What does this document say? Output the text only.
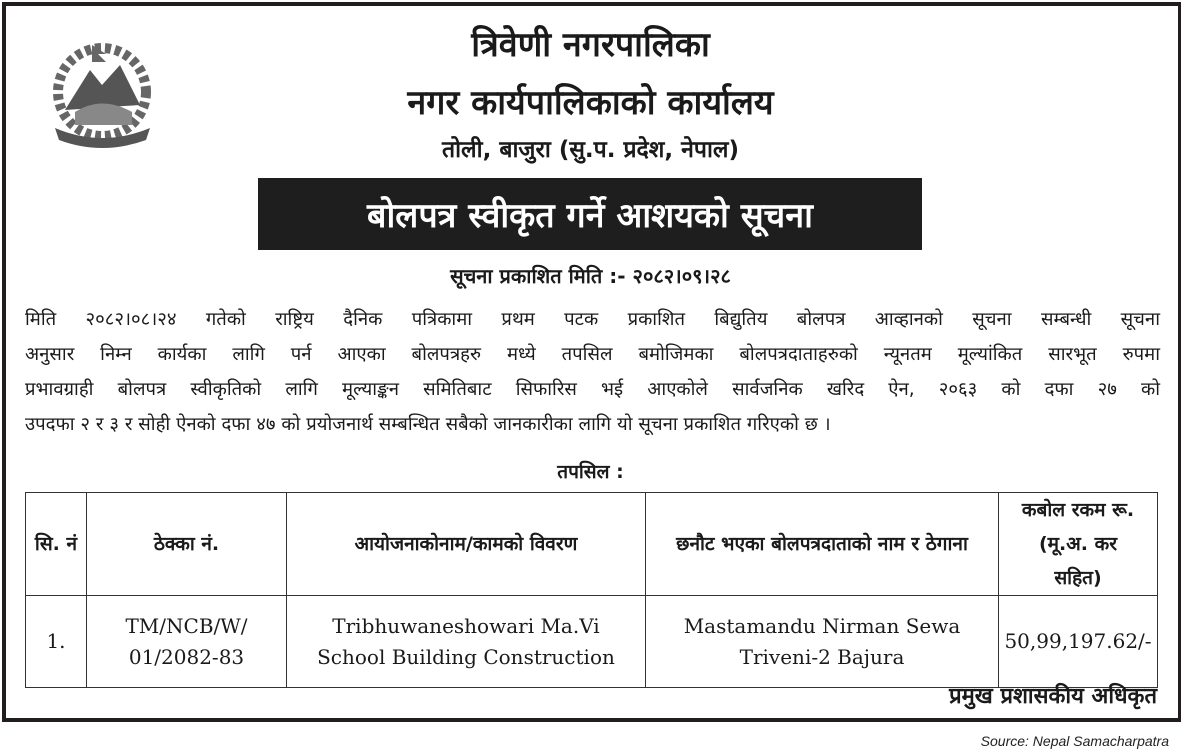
त्रिवेणी नगरपालिका
नगर कार्यपालिकाको कार्यालय
तोली, बाजुरा (सु.प. प्रदेश, नेपाल)
बोलपत्र स्वीकृत गर्ने आशयको सूचना
सूचना प्रकाशित मिति :- २०८२।०९।२८
मिति २०८२।०८।२४ गतेको राष्ट्रिय दैनिक पत्रिकामा प्रथम पटक प्रकाशित बिद्युतिय बोलपत्र आव्हानको सूचना सम्बन्धी सूचना
अनुसार निम्न कार्यका लागि पर्न आएका बोलपत्रहरु मध्ये तपसिल बमोजिमका बोलपत्रदाताहरुको न्यूनतम मूल्यांकित सारभूत रुपमा
प्रभावग्राही बोलपत्र स्वीकृतिको लागि मूल्याङ्कन समितिबाट सिफारिस भई आएकोले सार्वजनिक खरिद ऐन, २०६३ को दफा २७ को
उपदफा २ र ३ र सोही ऐनको दफा ४७ को प्रयोजनार्थ सम्बन्धित सबैको जानकारीका लागि यो सूचना प्रकाशित गरिएको छ ।
तपसिल :
सि. नं	ठेक्का नं.	आयोजनाकोनाम/कामको विवरण	छनौट भएका बोलपत्रदाताको नाम र ठेगाना	कबोल रकम रू. (मू.अ. कर सहित)
1.	TM/NCB/W/ 01/2082-83	Tribhuwaneshowari Ma.Vi School Building Construction	Mastamandu Nirman Sewa Triveni-2 Bajura	50,99,197.62/-
प्रमुख प्रशासकीय अधिकृत
Source: Nepal Samacharpatra
